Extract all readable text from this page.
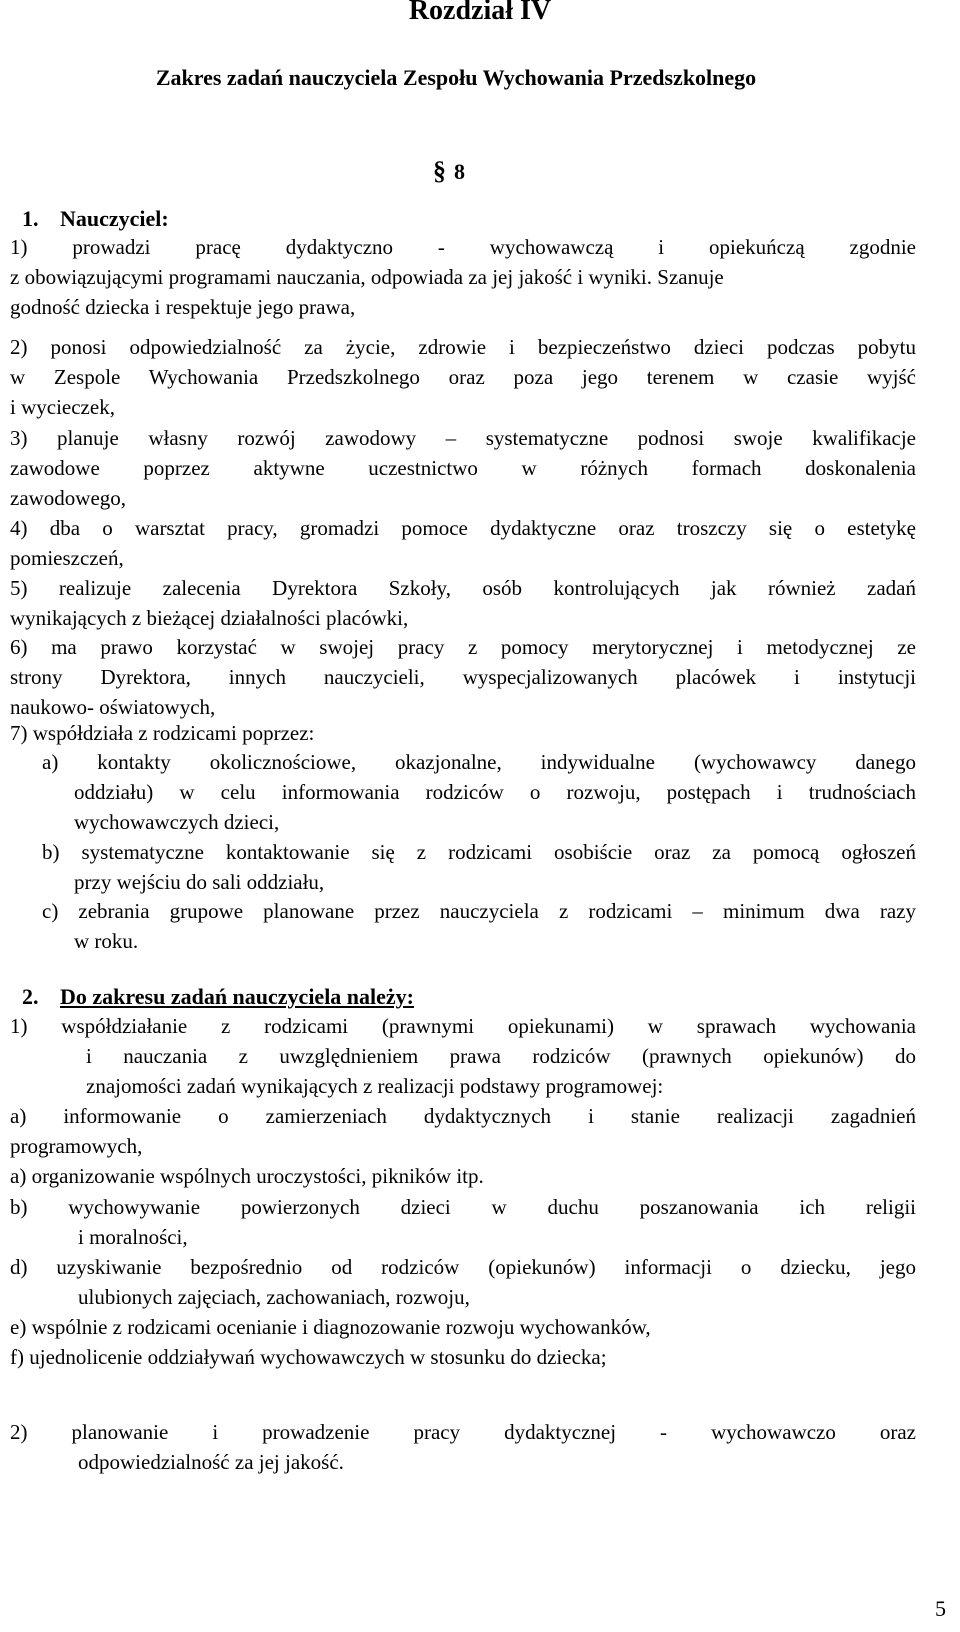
Rozdział IV
Zakres zadań nauczyciela Zespołu Wychowania Przedszkolnego
§ 8
1. Nauczyciel:
1) prowadzi pracę dydaktyczno - wychowawczą i opiekuńczą zgodnie
z obowiązującymi programami nauczania, odpowiada za jej jakość i wyniki. Szanuje
godność dziecka i respektuje jego prawa,
2) ponosi odpowiedzialność za życie, zdrowie i bezpieczeństwo dzieci podczas pobytu
w Zespole Wychowania Przedszkolnego oraz poza jego terenem w czasie wyjść
i wycieczek,
3) planuje własny rozwój zawodowy – systematyczne podnosi swoje kwalifikacje
zawodowe poprzez aktywne uczestnictwo w różnych formach doskonalenia
zawodowego,
4) dba o warsztat pracy, gromadzi pomoce dydaktyczne oraz troszczy się o estetykę
pomieszczeń,
5) realizuje zalecenia Dyrektora Szkoły, osób kontrolujących jak również zadań
wynikających z bieżącej działalności placówki,
6) ma prawo korzystać w swojej pracy z pomocy merytorycznej i metodycznej ze
strony Dyrektora, innych nauczycieli, wyspecjalizowanych placówek i instytucji
naukowo- oświatowych,
7) współdziała z rodzicami poprzez:
a) kontakty okolicznościowe, okazjonalne, indywidualne (wychowawcy danego
oddziału) w celu informowania rodziców o rozwoju, postępach i trudnościach
wychowawczych dzieci,
b) systematyczne kontaktowanie się z rodzicami osobiście oraz za pomocą ogłoszeń
przy wejściu do sali oddziału,
c) zebrania grupowe planowane przez nauczyciela z rodzicami – minimum dwa razy
w roku.
2. Do zakresu zadań nauczyciela należy:
1) współdziałanie z rodzicami (prawnymi opiekunami) w sprawach wychowania
i nauczania z uwzględnieniem prawa rodziców (prawnych opiekunów) do
znajomości zadań wynikających z realizacji podstawy programowej:
a) informowanie o zamierzeniach dydaktycznych i stanie realizacji zagadnień
programowych,
a) organizowanie wspólnych uroczystości, pikników itp.
b) wychowywanie powierzonych dzieci w duchu poszanowania ich religii
i moralności,
d) uzyskiwanie bezpośrednio od rodziców (opiekunów) informacji o dziecku, jego
ulubionych zajęciach, zachowaniach, rozwoju,
e) wspólnie z rodzicami ocenianie i diagnozowanie rozwoju wychowanków,
f) ujednolicenie oddziaływań wychowawczych w stosunku do dziecka;
2) planowanie i prowadzenie pracy dydaktycznej - wychowawczo oraz
odpowiedzialność za jej jakość.
5
